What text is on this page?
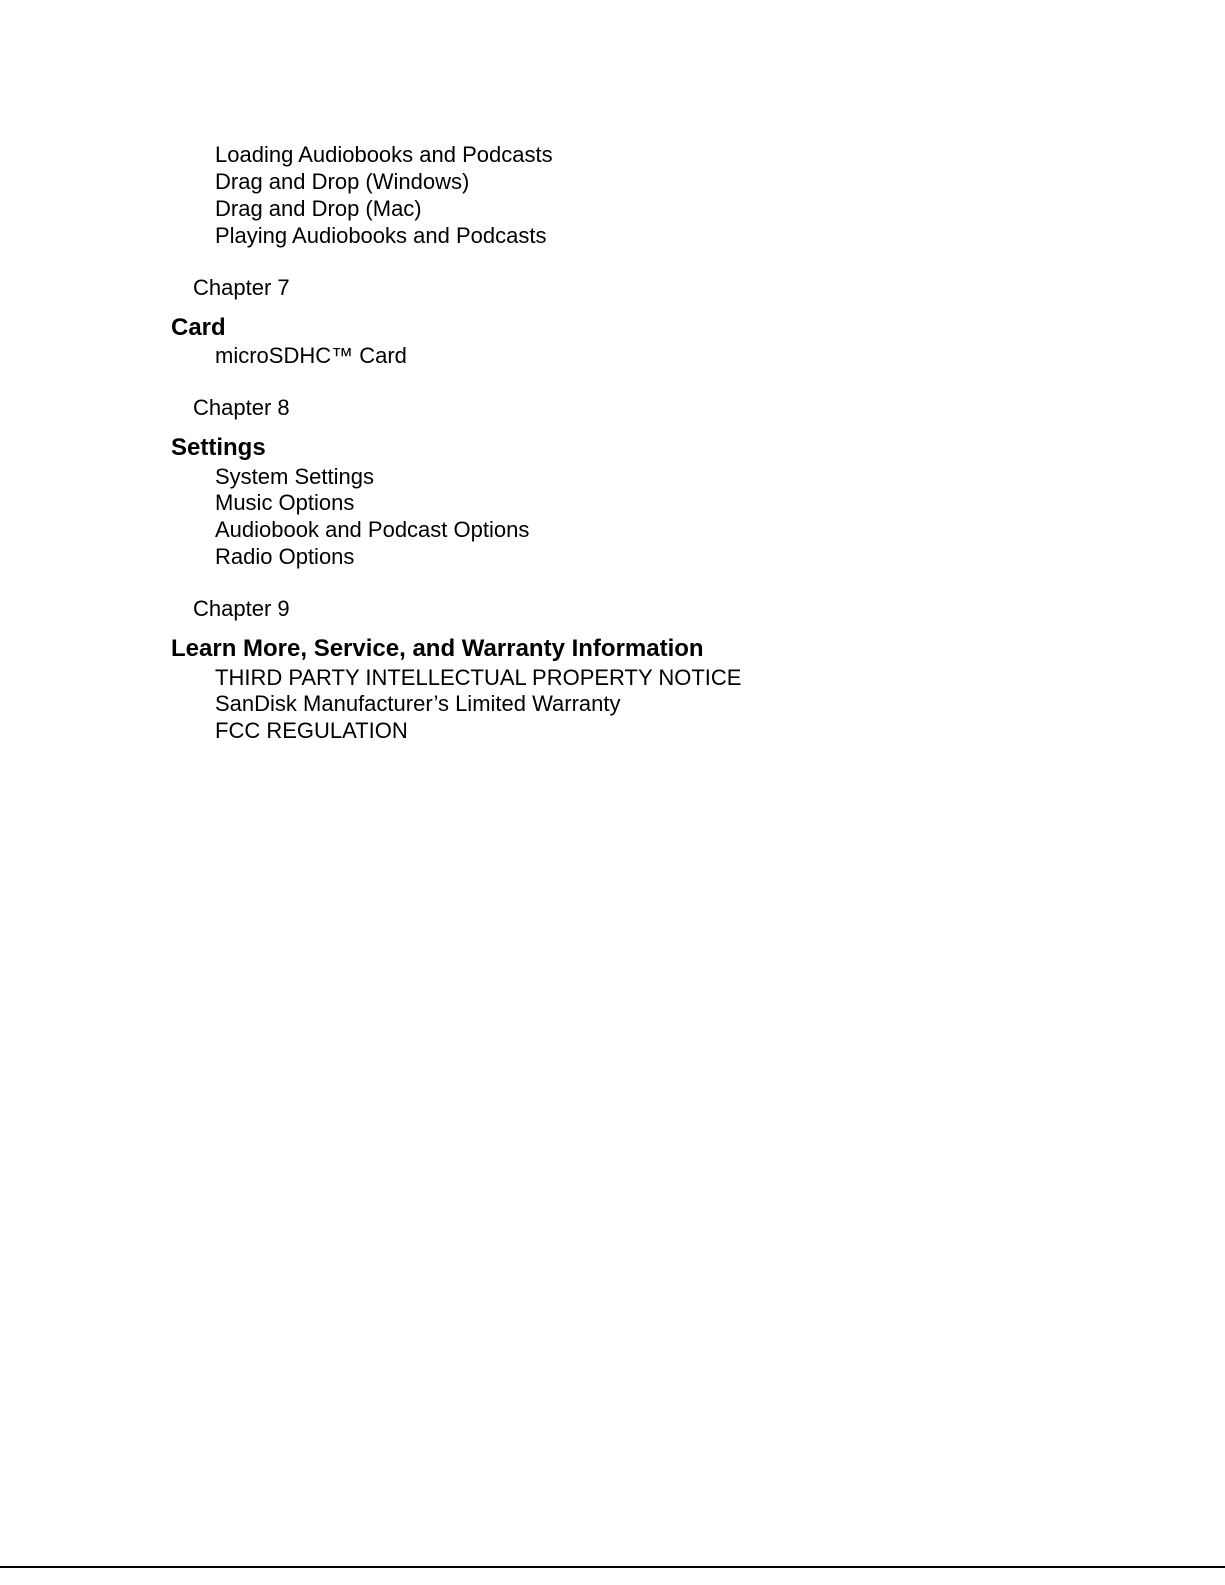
Loading Audiobooks and Podcasts
Drag and Drop (Windows)
Drag and Drop (Mac)
Playing Audiobooks and Podcasts
Chapter 7
Card
microSDHC™ Card
Chapter 8
Settings
System Settings
Music Options
Audiobook and Podcast Options
Radio Options
Chapter 9
Learn More, Service, and Warranty Information
THIRD PARTY INTELLECTUAL PROPERTY NOTICE
SanDisk Manufacturer’s Limited Warranty
FCC REGULATION
